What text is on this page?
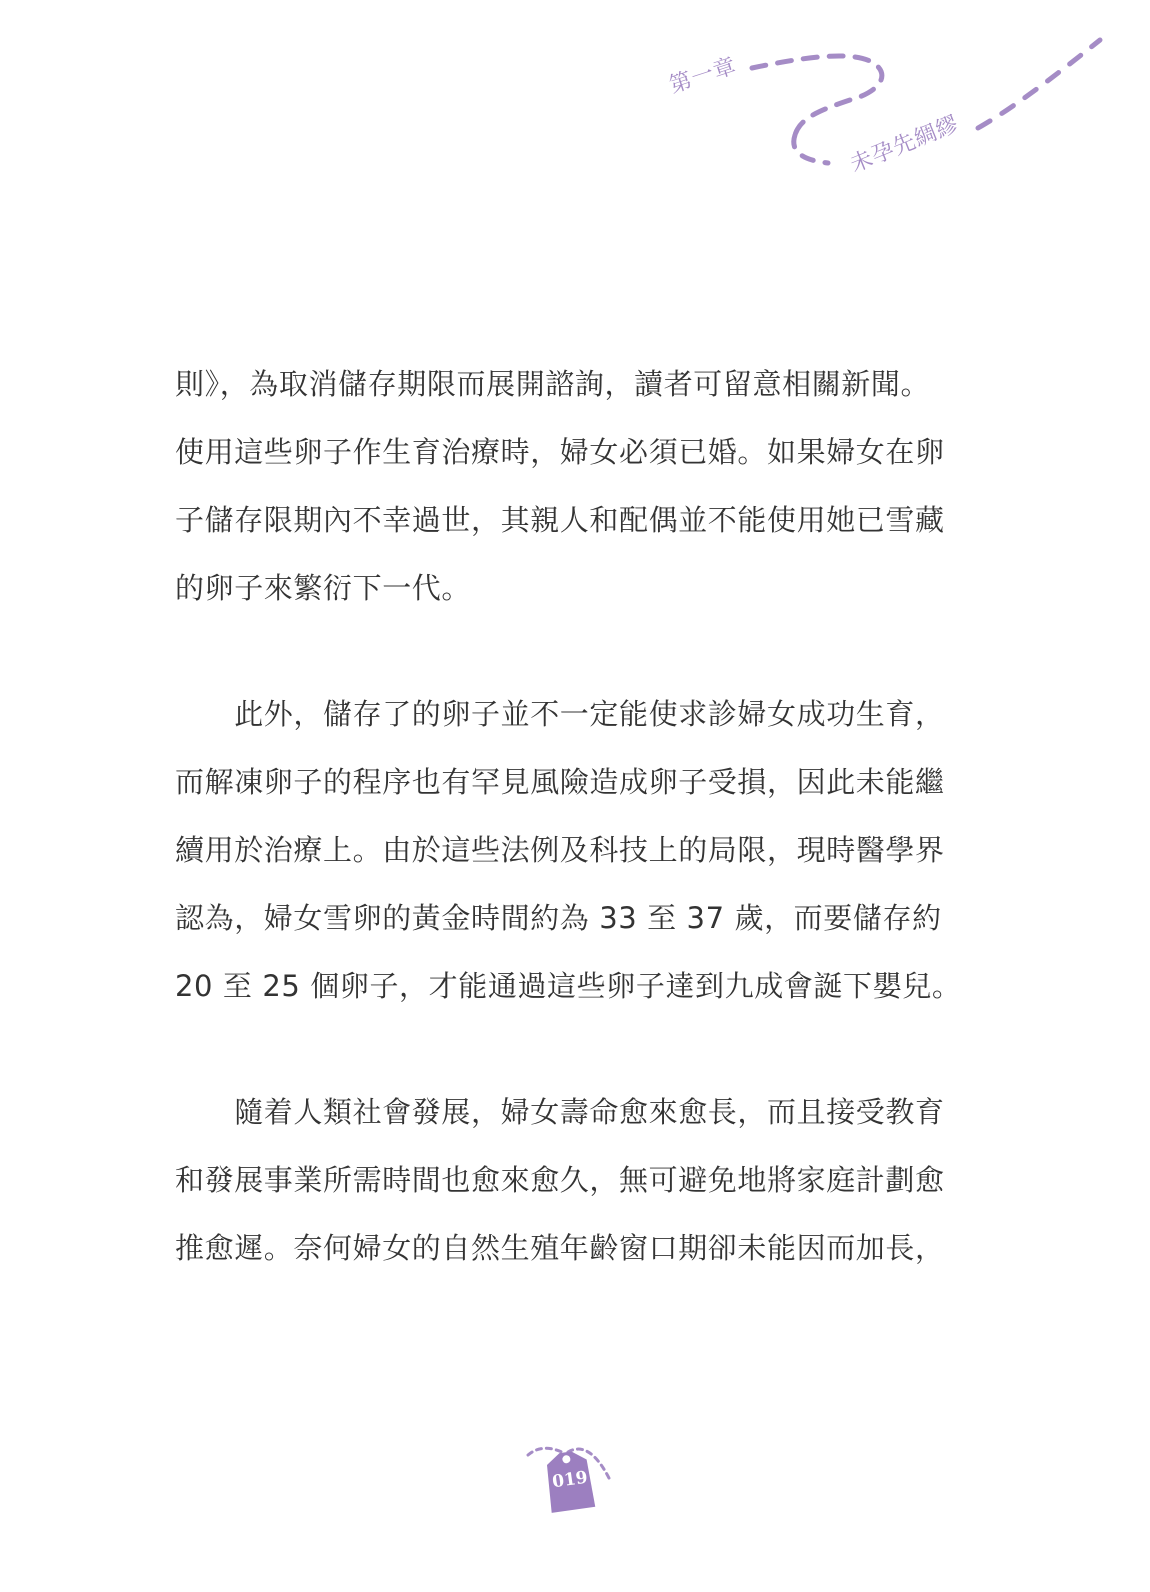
第一章
未孕先綢繆
則》，為取消儲存期限而展開諮詢，讀者可留意相關新聞。
使用這些卵子作生育治療時，婦女必須已婚。如果婦女在卵
子儲存限期內不幸過世，其親人和配偶並不能使用她已雪藏
的卵子來繁衍下一代。
　　此外，儲存了的卵子並不一定能使求診婦女成功生育，
而解凍卵子的程序也有罕見風險造成卵子受損，因此未能繼
續用於治療上。由於這些法例及科技上的局限，現時醫學界
認為，婦女雪卵的黃金時間約為 33 至 37 歲，而要儲存約
20 至 25 個卵子，才能通過這些卵子達到九成會誕下嬰兒。
　　隨着人類社會發展，婦女壽命愈來愈長，而且接受教育
和發展事業所需時間也愈來愈久，無可避免地將家庭計劃愈
推愈遲。奈何婦女的自然生殖年齡窗口期卻未能因而加長，
019
